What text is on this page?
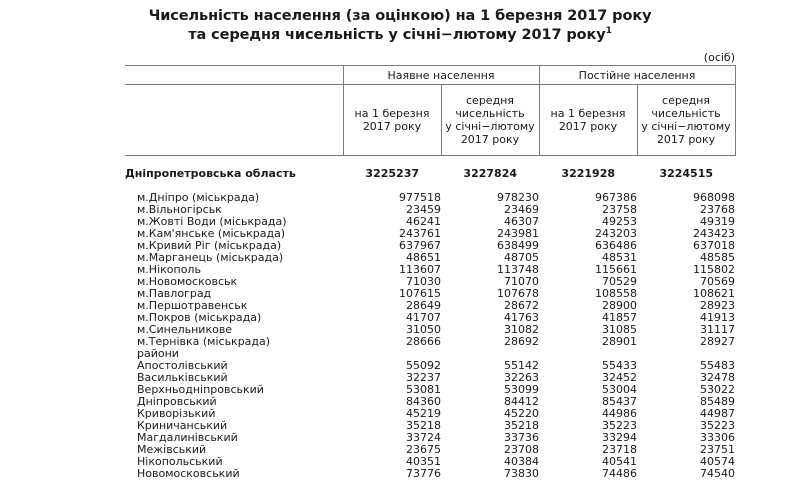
Чисельність населення (за оцінкою) на 1 березня 2017 року
та середня чисельність у січні−лютому 2017 року$^1$
(осіб)
	Наявне населення		Постійне населення	

	на 1 березня
2017 року	середня
чисельність
у січні−лютому
2017 року	на 1 березня
2017 року	середня
чисельність
у січні−лютому
2017 року

Дніпропетровська область	3225237	3227824	3221928	3224515

м.Дніпро (міськрада)	977518	978230	967386	968098
м.Вільногірськ	23459	23469	23758	23768
м.Жовті Води (міськрада)	46241	46307	49253	49319
м.Кам'янське (міськрада)	243761	243981	243203	243423
м.Кривий Ріг (міськрада)	637967	638499	636486	637018
м.Марганець (міськрада)	48651	48705	48531	48585
м.Нікополь	113607	113748	115661	115802
м.Новомосковськ	71030	71070	70529	70569
м.Павлоград	107615	107678	108558	108621
м.Першотравенськ	28649	28672	28900	28923
м.Покров (міськрада)	41707	41763	41857	41913
м.Синельникове	31050	31082	31085	31117
м.Тернівка (міськрада)	28666	28692	28901	28927
райони				
Апостолівський	55092	55142	55433	55483
Васильківський	32237	32263	32452	32478
Верхньодніпровський	53081	53099	53004	53022
Дніпровський	84360	84412	85437	85489
Криворізький	45219	45220	44986	44987
Криничанський	35218	35218	35223	35223
Магдалинівський	33724	33736	33294	33306
Межівський	23675	23708	23718	23751
Нікопольський	40351	40384	40541	40574
Новомосковський	73776	73830	74486	74540
